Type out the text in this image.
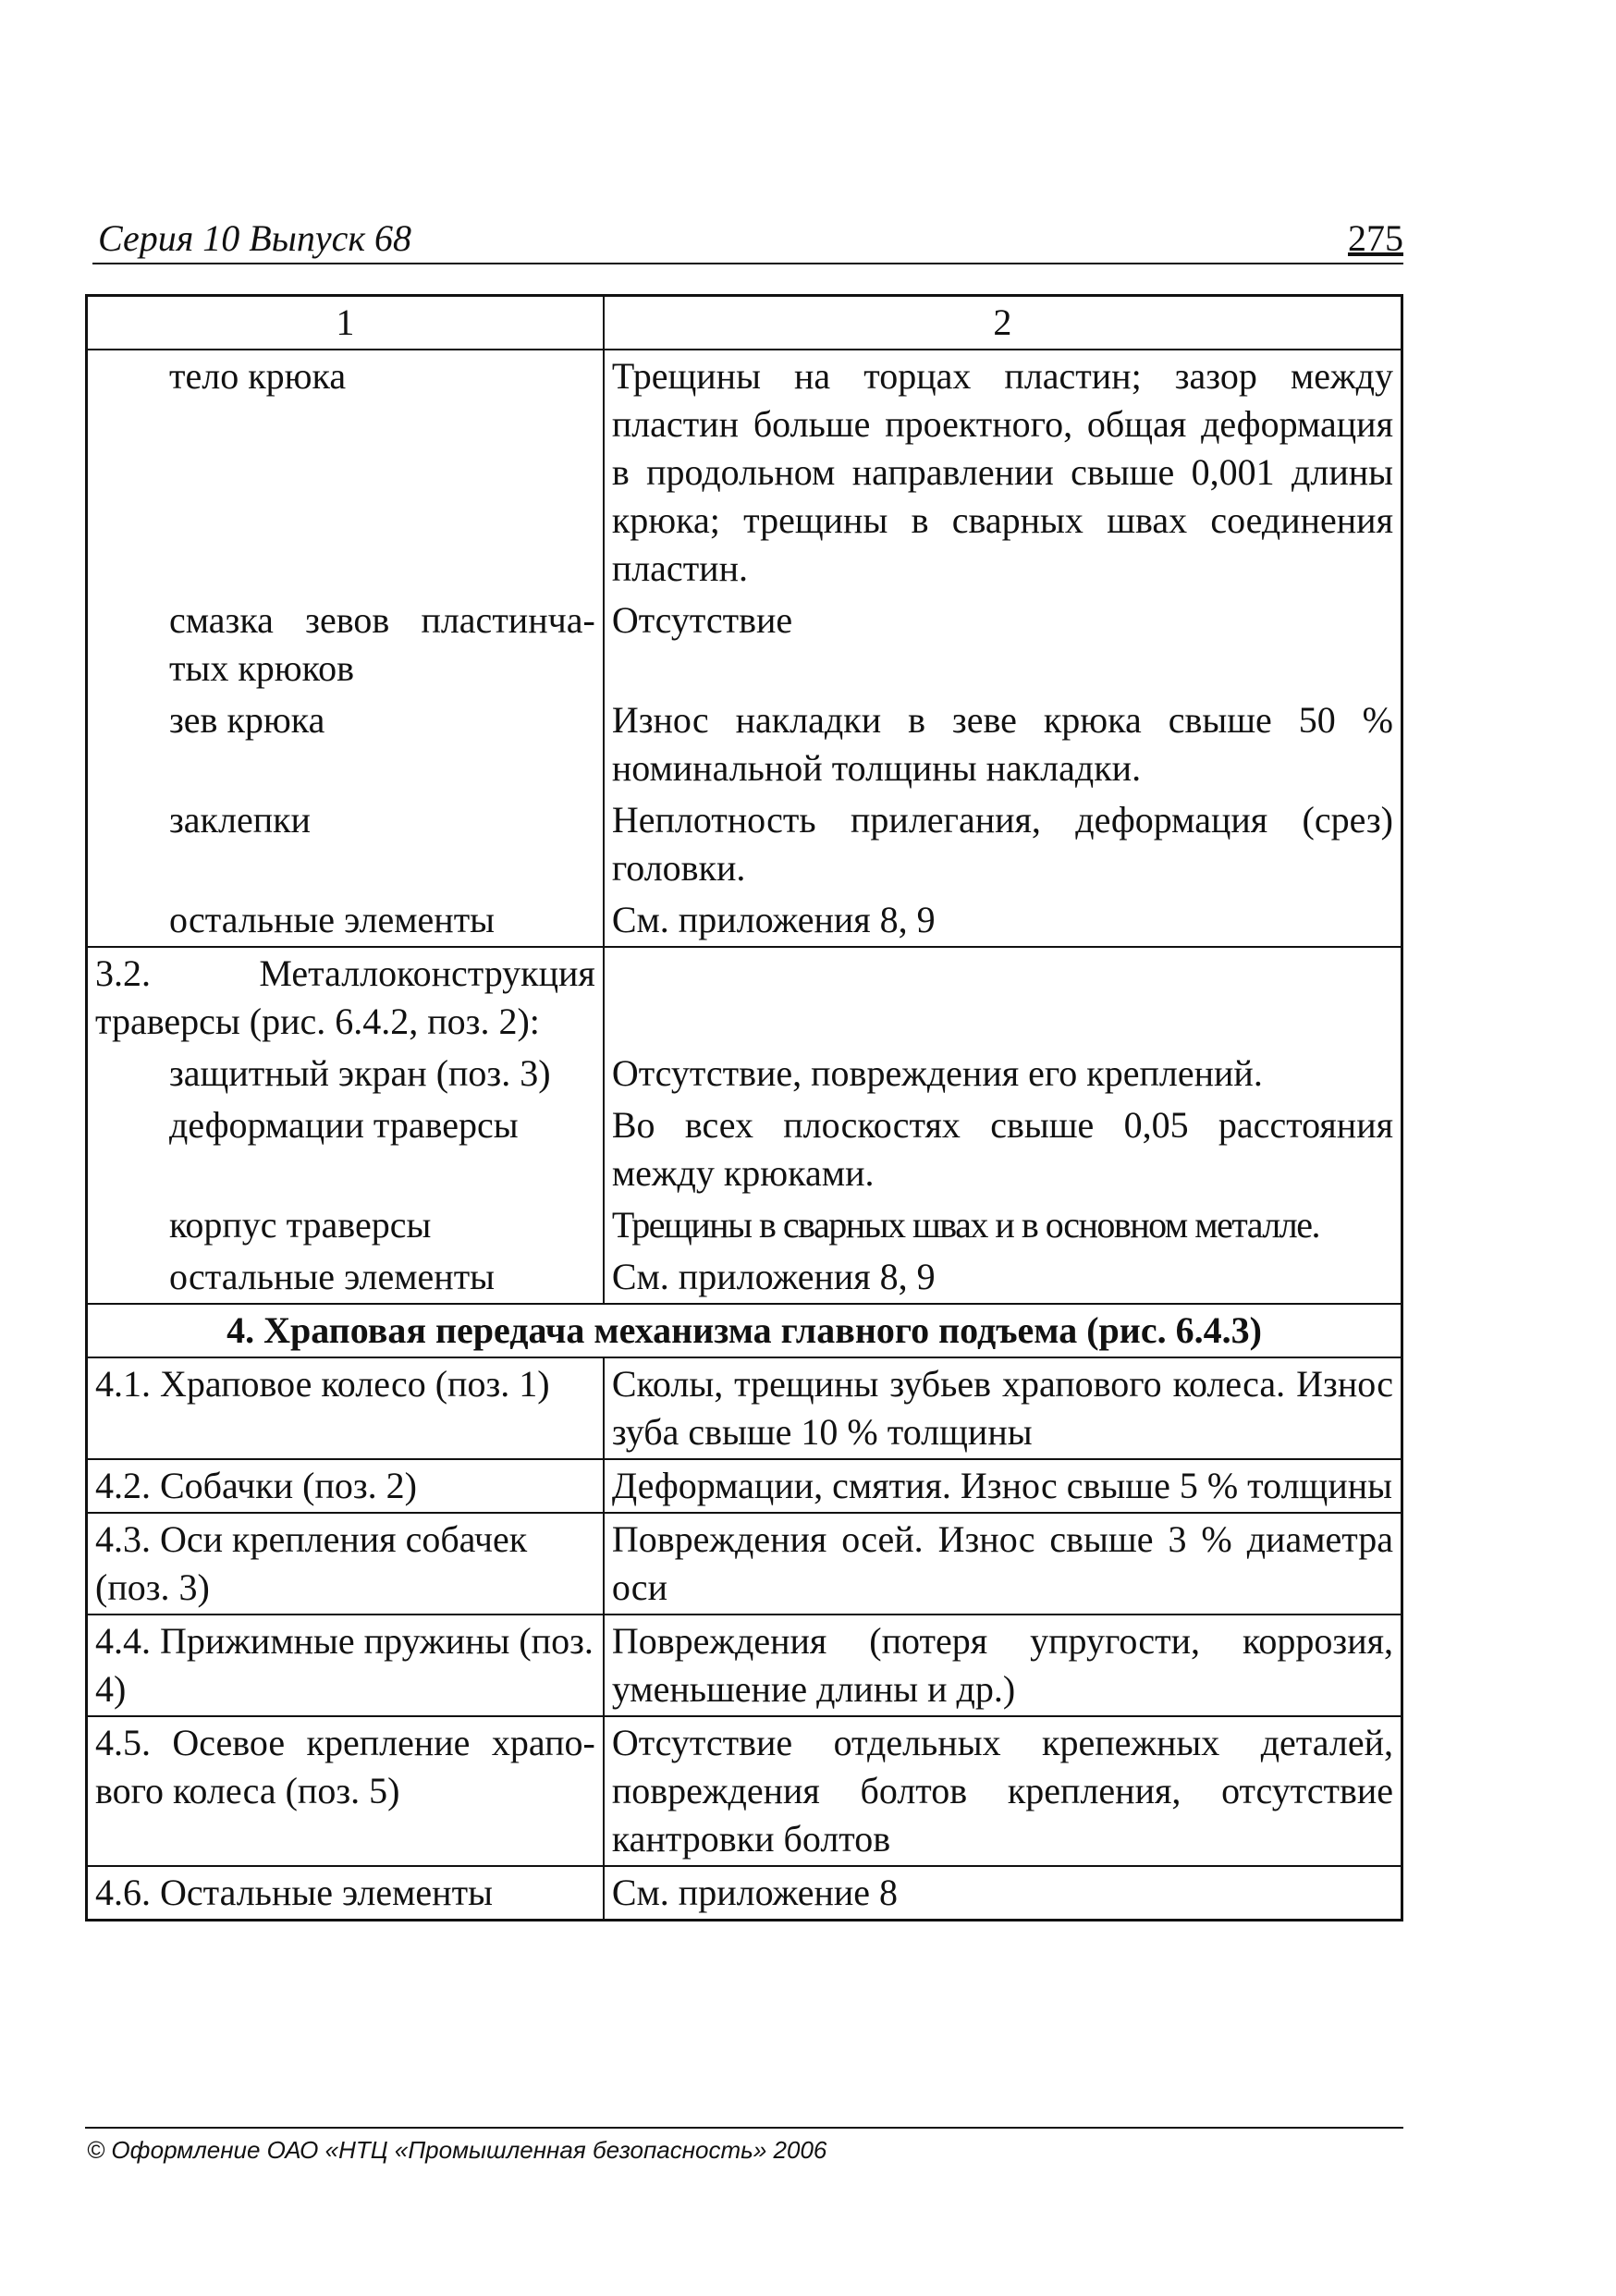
Серия 10 Выпуск 68	275
1	2
тело крюка	Трещины на торцах пластин; зазор между пластин больше проектного, общая деформация в продольном направлении свыше 0,001 длины крюка; трещины в сварных швах соединения пластин.
смазка зевов пластинчатых крюков	Отсутствие
зев крюка	Износ накладки в зеве крюка свыше 50 % номинальной толщины накладки.
заклепки	Неплотность прилегания, деформация (срез) головки.
остальные элементы	См. приложения 8, 9
3.2. Металлоконструкция траверсы (рис. 6.4.2, поз. 2):	
защитный экран (поз. 3)	Отсутствие, повреждения его креплений.
деформации траверсы	Во всех плоскостях свыше 0,05 расстояния между крюками.
корпус траверсы	Трещины в сварных швах и в основном металле.
остальные элементы	См. приложения 8, 9
4. Храповая передача механизма главного подъема (рис. 6.4.3)	
4.1. Храповое колесо (поз. 1)	Сколы, трещины зубьев храпового колеса. Износ зуба свыше 10 % толщины
4.2. Собачки (поз. 2)	Деформации, смятия. Износ свыше 5 % толщины
4.3. Оси крепления собачек (поз. 3)	Повреждения осей. Износ свыше 3 % диаметра оси
4.4. Прижимные пружины (поз. 4)	Повреждения (потеря упругости, коррозия, уменьшение длины и др.)
4.5. Осевое крепление храпового колеса (поз. 5)	Отсутствие отдельных крепежных деталей, повреждения болтов крепления, отсутствие кантровки болтов
4.6. Остальные элементы	См. приложение 8
© Оформление ОАО «НТЦ «Промышленная безопасность» 2006
